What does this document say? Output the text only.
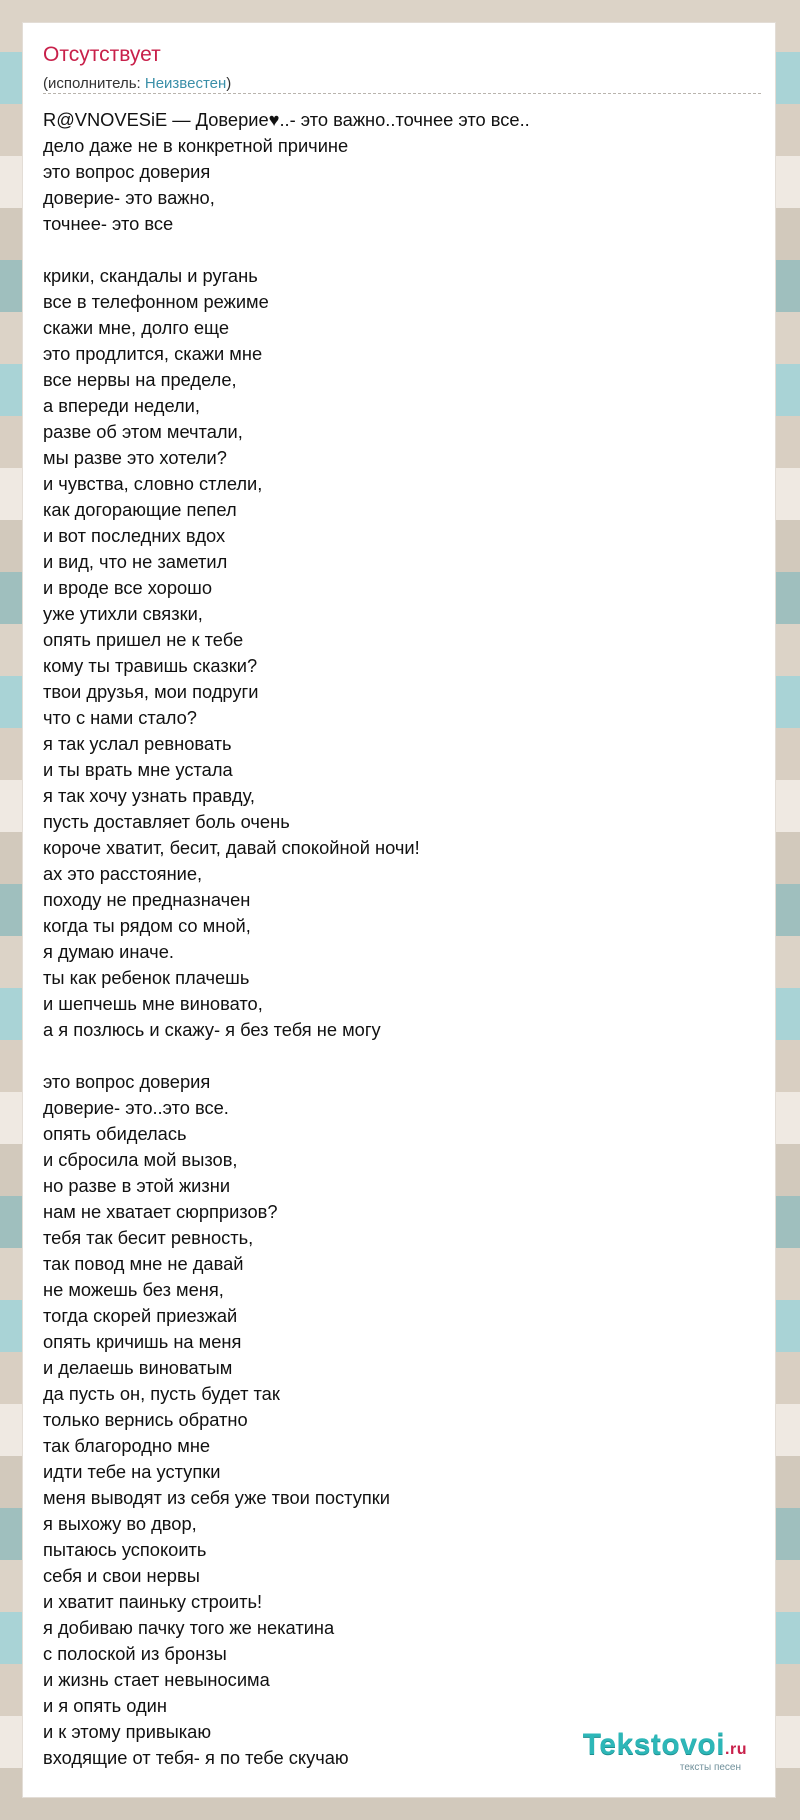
Отсутствует
(исполнитель: Неизвестен)
R@VNOVESiE — Доверие♥..- это важно..точнее это все..
дело даже не в конкретной причине
это вопрос доверия
доверие- это важно,
точнее- это все

крики, скандалы и ругань
все в телефонном режиме
скажи мне, долго еще
это продлится, скажи мне
все нервы на пределе,
а впереди недели,
разве об этом мечтали,
мы разве это хотели?
и чувства, словно стлели,
как догорающие пепел
и вот последних вдох
и вид, что не заметил
и вроде все хорошо
уже утихли связки,
опять пришел не к тебе
кому ты травишь сказки?
твои друзья, мои подруги
что с нами стало?
я так услал ревновать
и ты врать мне устала
я так хочу узнать правду,
пусть доставляет боль очень
короче хватит, бесит, давай спокойной ночи!
ах это расстояние,
походу не предназначен
когда ты рядом со мной,
я думаю иначе.
ты как ребенок плачешь
и шепчешь мне виновато,
а я позлюсь и скажу- я без тебя не могу

это вопрос доверия
доверие- это..это все.
опять обиделась
и сбросила мой вызов,
но разве в этой жизни
нам не хватает сюрпризов?
тебя так бесит ревность,
так повод мне не давай
не можешь без меня,
тогда скорей приезжай
опять кричишь на меня
и делаешь виноватым
да пусть он, пусть будет так
только вернись обратно
так благородно мне
идти тебе на уступки
меня выводят из себя уже твои поступки
я выхожу во двор,
пытаюсь успокоить
себя и свои нервы
и хватит паиньку строить!
я добиваю пачку того же некатина
с полоской из бронзы
и жизнь стает невыносима
и я опять один
и к этому привыкаю
входящие от тебя- я по тебе скучаю	Tekstovoi.ru
тексты песен
